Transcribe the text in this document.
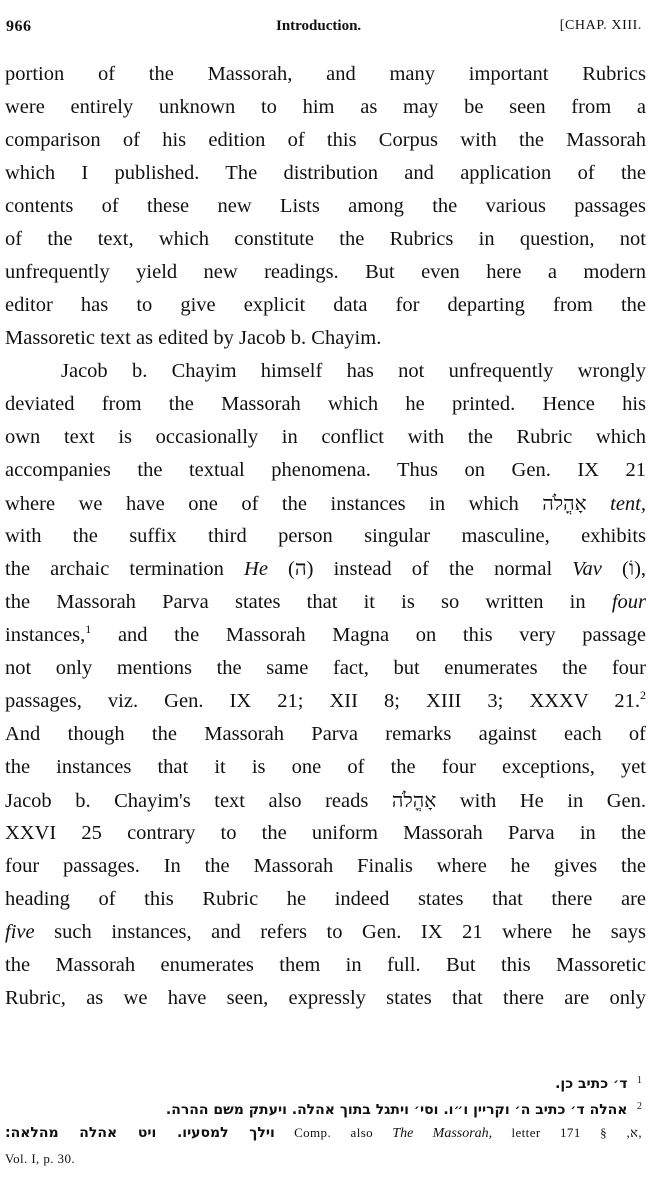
966	Introduction.	[CHAP. XIII.
portion of the Massorah, and many important Rubrics
were entirely unknown to him as may be seen from a
comparison of his edition of this Corpus with the Massorah
which I published. The distribution and application of the
contents of these new Lists among the various passages
of the text, which constitute the Rubrics in question, not
unfrequently yield new readings. But even here a modern
editor has to give explicit data for departing from the
Massoretic text as edited by Jacob b. Chayim.
Jacob b. Chayim himself has not unfrequently wrongly
deviated from the Massorah which he printed. Hence his
own text is occasionally in conflict with the Rubric which
accompanies the textual phenomena. Thus on Gen. IX 21
where we have one of the instances in which אָהֳלֹה tent,
with the suffix third person singular masculine, exhibits
the archaic termination He (ה) instead of the normal Vav (וֹ),
the Massorah Parva states that it is so written in four
instances,$^1$ and the Massorah Magna on this very passage
not only mentions the same fact, but enumerates the four
passages, viz. Gen. IX 21; XII 8; XIII 3; XXXV 21.$^2$
And though the Massorah Parva remarks against each of
the instances that it is one of the four exceptions, yet
Jacob b. Chayim's text also reads אָהֳלֹה with He in Gen.
XXVI 25 contrary to the uniform Massorah Parva in the
four passages. In the Massorah Finalis where he gives the
heading of this Rubric he indeed states that there are
five such instances, and refers to Gen. IX 21 where he says
the Massorah enumerates them in full. But this Massoretic
Rubric, as we have seen, expressly states that there are only
$^1$ ד׳ כתיב כן.
$^2$ אהלה ד׳ כתיב ה׳ וקריין ו״ו. וסי׳ ויתגל בתוך אהלה. ויעתק משם ההרה.
וילך למסעיו. ויט אהלה מהלאה: Comp. also The Massorah, letter א, § 171,
Vol. I, p. 30.
